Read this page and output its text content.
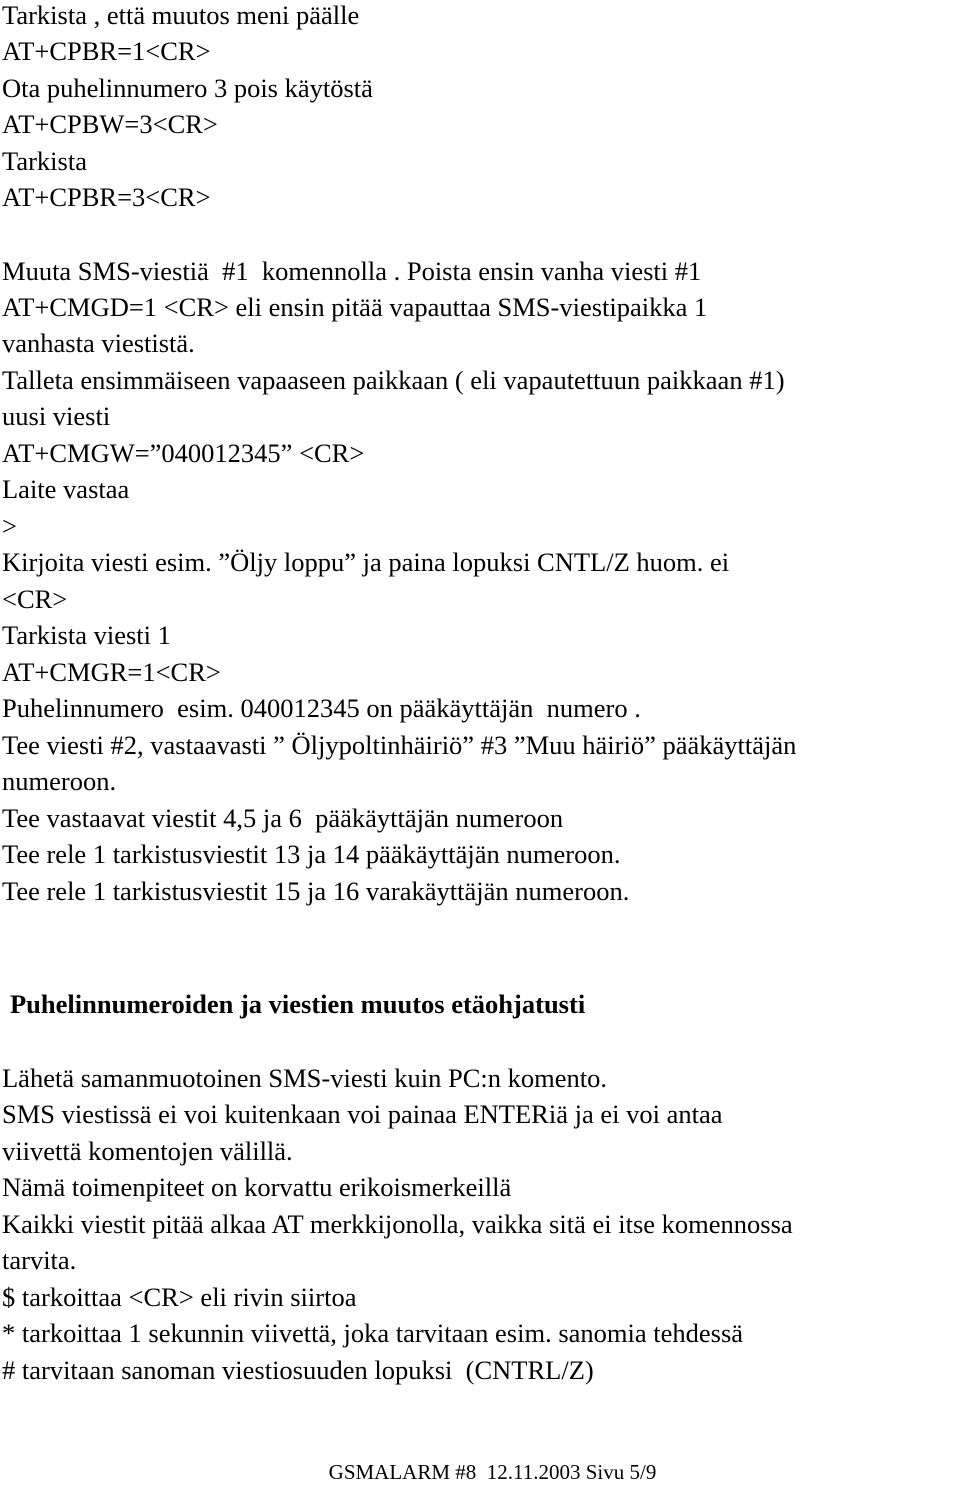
Tarkista , että muutos meni päälle

AT+CPBR=1<CR>

Ota puhelinnumero 3 pois käytöstä

AT+CPBW=3<CR>

Tarkista

AT+CPBR=3<CR>

Muuta SMS-viestiä  #1  komennolla . Poista ensin vanha viesti #1

AT+CMGD=1 <CR> eli ensin pitää vapauttaa SMS-viestipaikka 1

vanhasta viestistä.

Talleta ensimmäiseen vapaaseen paikkaan ( eli vapautettuun paikkaan #1)

uusi viesti

AT+CMGW=”040012345” <CR>

Laite vastaa

>

Kirjoita viesti esim. ”Öljy loppu” ja paina lopuksi CNTL/Z huom. ei

<CR>

Tarkista viesti 1

AT+CMGR=1<CR>

Puhelinnumero  esim. 040012345 on pääkäyttäjän  numero .

Tee viesti #2, vastaavasti ” Öljypoltinhäiriö” #3 ”Muu häiriö” pääkäyttäjän

numeroon.

Tee vastaavat viestit 4,5 ja 6  pääkäyttäjän numeroon

Tee rele 1 tarkistusviestit 13 ja 14 pääkäyttäjän numeroon.

Tee rele 1 tarkistusviestit 15 ja 16 varakäyttäjän numeroon.

Puhelinnumeroiden ja viestien muutos etäohjatusti

Lähetä samanmuotoinen SMS-viesti kuin PC:n komento.

SMS viestissä ei voi kuitenkaan voi painaa ENTERiä ja ei voi antaa

viivettä komentojen välillä.

Nämä toimenpiteet on korvattu erikoismerkeillä

Kaikki viestit pitää alkaa AT merkkijonolla, vaikka sitä ei itse komennossa

tarvita.

$ tarkoittaa <CR> eli rivin siirtoa

* tarkoittaa 1 sekunnin viivettä, joka tarvitaan esim. sanomia tehdessä

# tarvitaan sanoman viestiosuuden lopuksi  (CNTRL/Z)

GSMALARM #8  12.11.2003 Sivu 5/9
